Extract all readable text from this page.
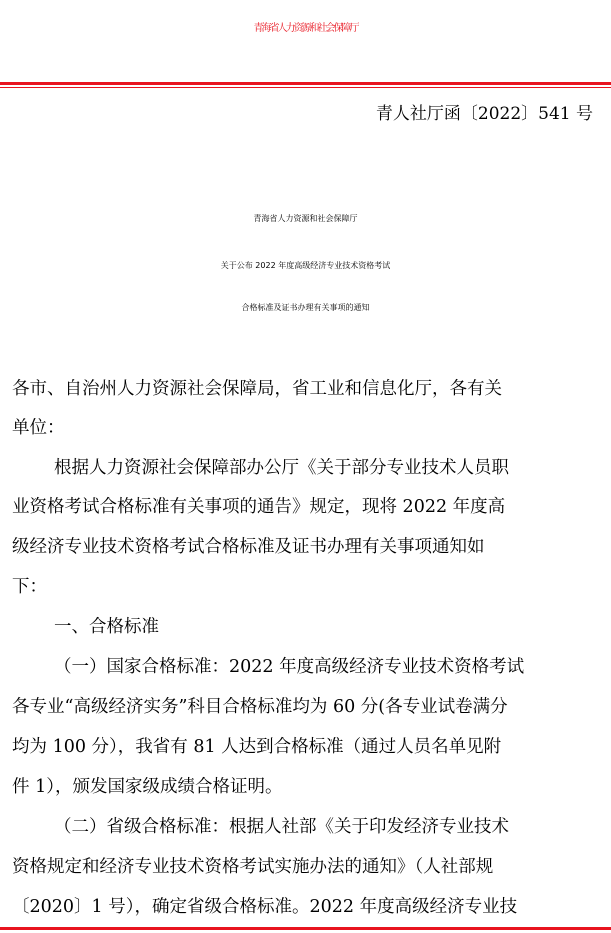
青海省人力资源和社会保障厅
青人社厅函〔2022〕541 号
青海省人力资源和社会保障厅
关于公布 2022 年度高级经济专业技术资格考试
合格标准及证书办理有关事项的通知
各市、自治州人力资源社会保障局，省工业和信息化厅，各有关
单位：
根据人力资源社会保障部办公厅《关于部分专业技术人员职
业资格考试合格标准有关事项的通告》规定，现将 2022 年度高
级经济专业技术资格考试合格标准及证书办理有关事项通知如
下：
一、合格标准
（一）国家合格标准：2022 年度高级经济专业技术资格考试
各专业“高级经济实务”科目合格标准均为 60 分(各专业试卷满分
均为 100 分），我省有 81 人达到合格标准（通过人员名单见附
件 1），颁发国家级成绩合格证明。
（二）省级合格标准：根据人社部《关于印发经济专业技术
资格规定和经济专业技术资格考试实施办法的通知》（人社部规
〔2020〕1 号），确定省级合格标准。2022 年度高级经济专业技
